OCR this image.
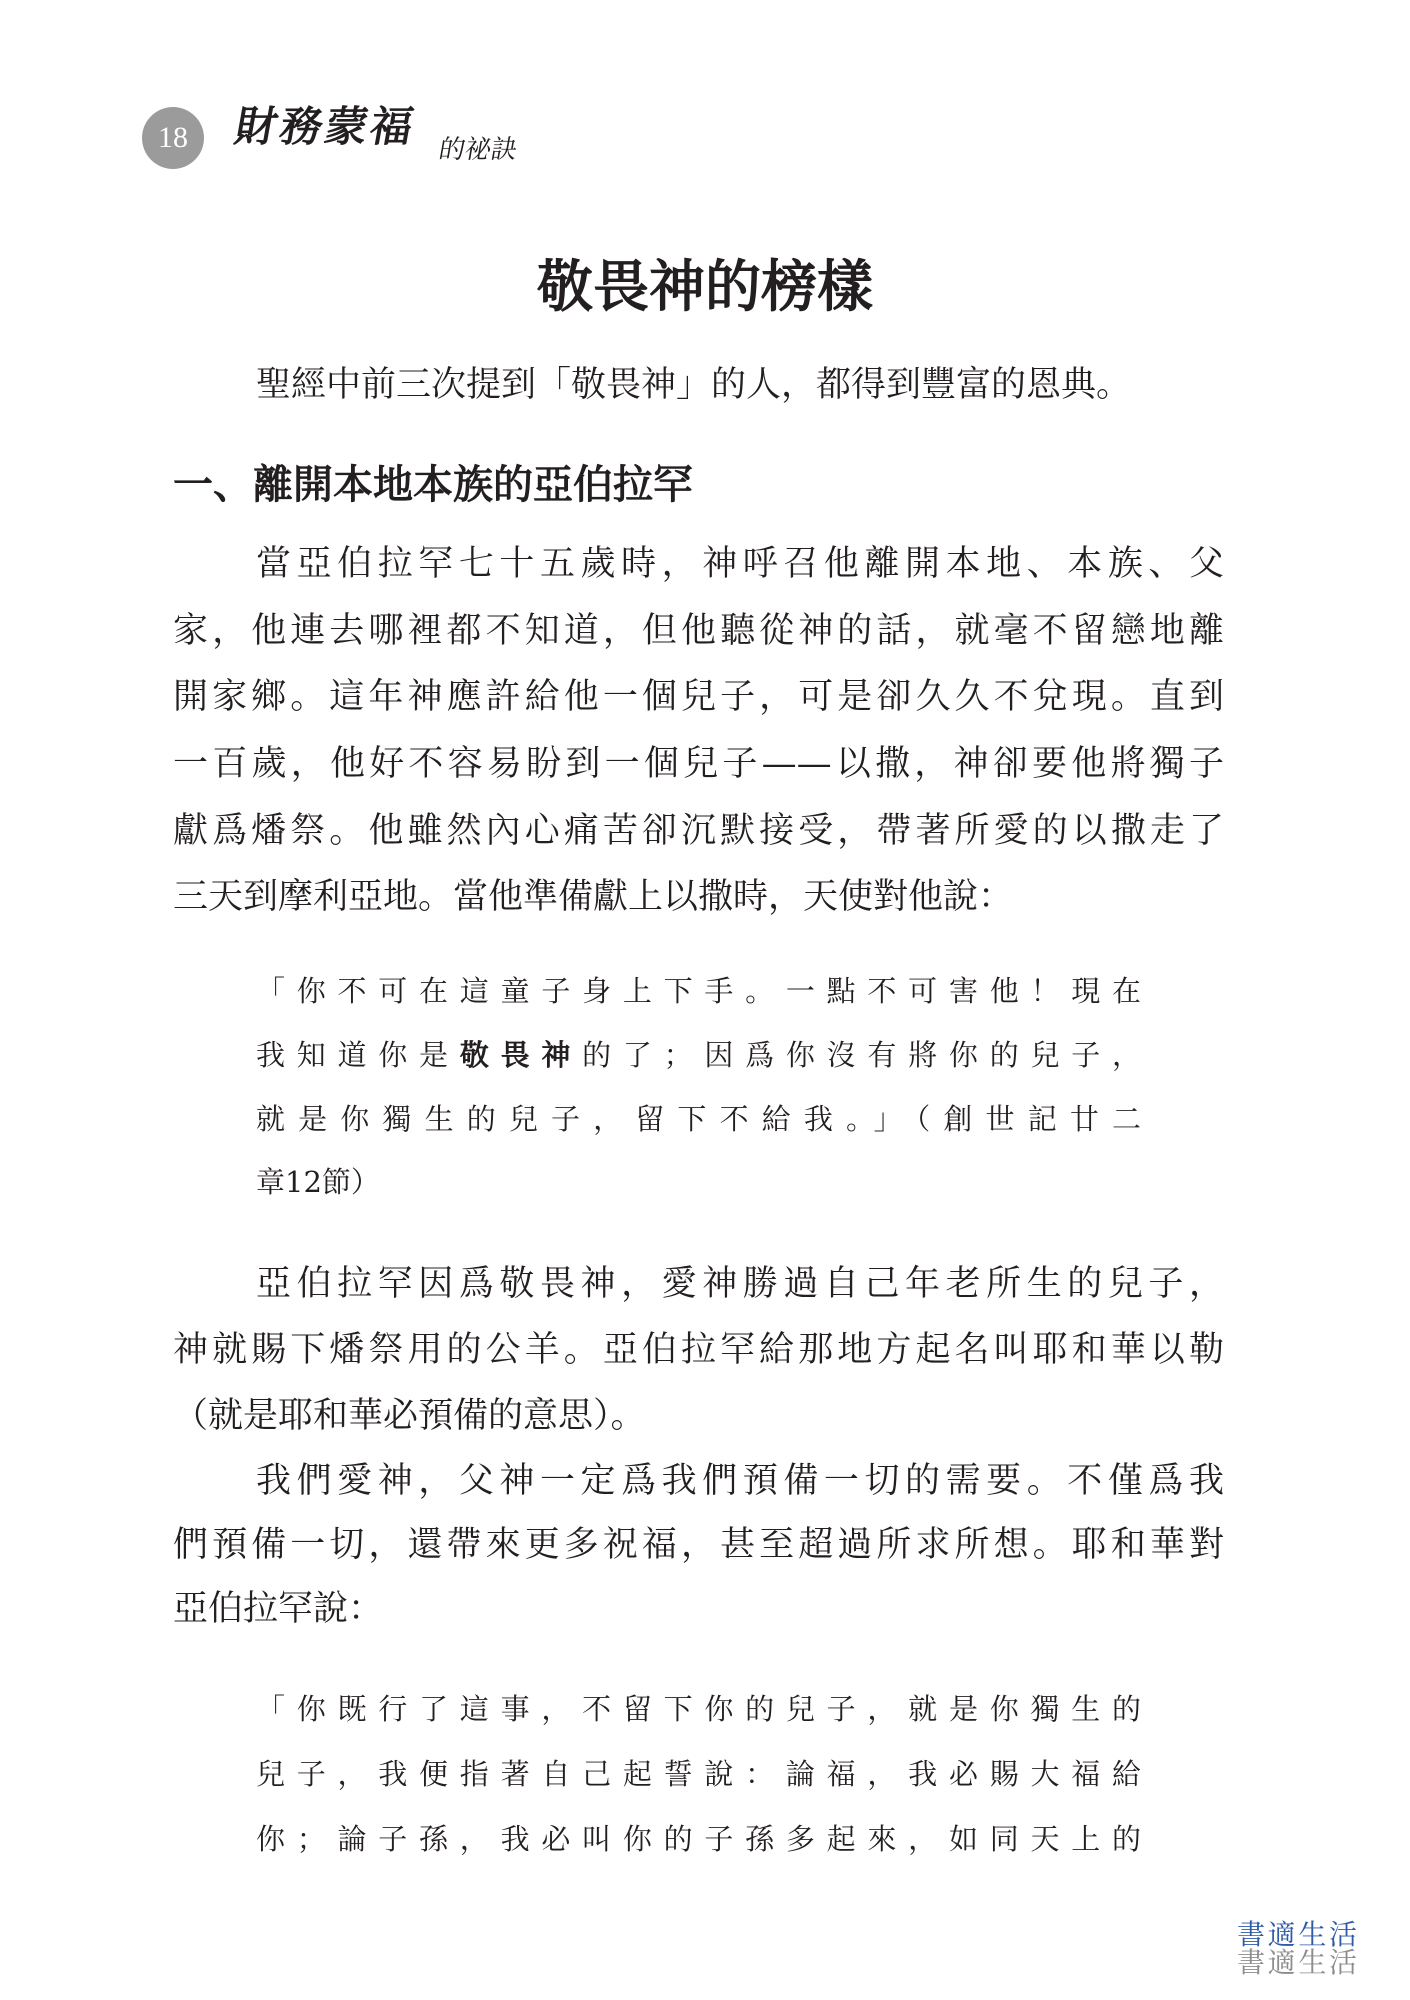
18	財務蒙福 的祕訣
敬畏神的榜樣
聖經中前三次提到「敬畏神」的人，都得到豐富的恩典。
一、離開本地本族的亞伯拉罕
當亞伯拉罕七十五歲時，神呼召他離開本地、本族、父
家，他連去哪裡都不知道，但他聽從神的話，就毫不留戀地離
開家鄉。這年神應許給他一個兒子，可是卻久久不兌現。直到
一百歲，他好不容易盼到一個兒子——以撒，神卻要他將獨子
獻爲燔祭。他雖然內心痛苦卻沉默接受，帶著所愛的以撒走了
三天到摩利亞地。當他準備獻上以撒時，天使對他說：
「你不可在這童子身上下手。一點不可害他！現在
我知道你是敬畏神的了；因爲你沒有將你的兒子，
就是你獨生的兒子，留下不給我。」（創世記廿二
章12節）
亞伯拉罕因爲敬畏神，愛神勝過自己年老所生的兒子，
神就賜下燔祭用的公羊。亞伯拉罕給那地方起名叫耶和華以勒
（就是耶和華必預備的意思）。
我們愛神，父神一定爲我們預備一切的需要。不僅爲我
們預備一切，還帶來更多祝福，甚至超過所求所想。耶和華對
亞伯拉罕說：
「你既行了這事，不留下你的兒子，就是你獨生的
兒子，我便指著自己起誓說：論福，我必賜大福給
你；論子孫，我必叫你的子孫多起來，如同天上的
書適生活
書適生活
